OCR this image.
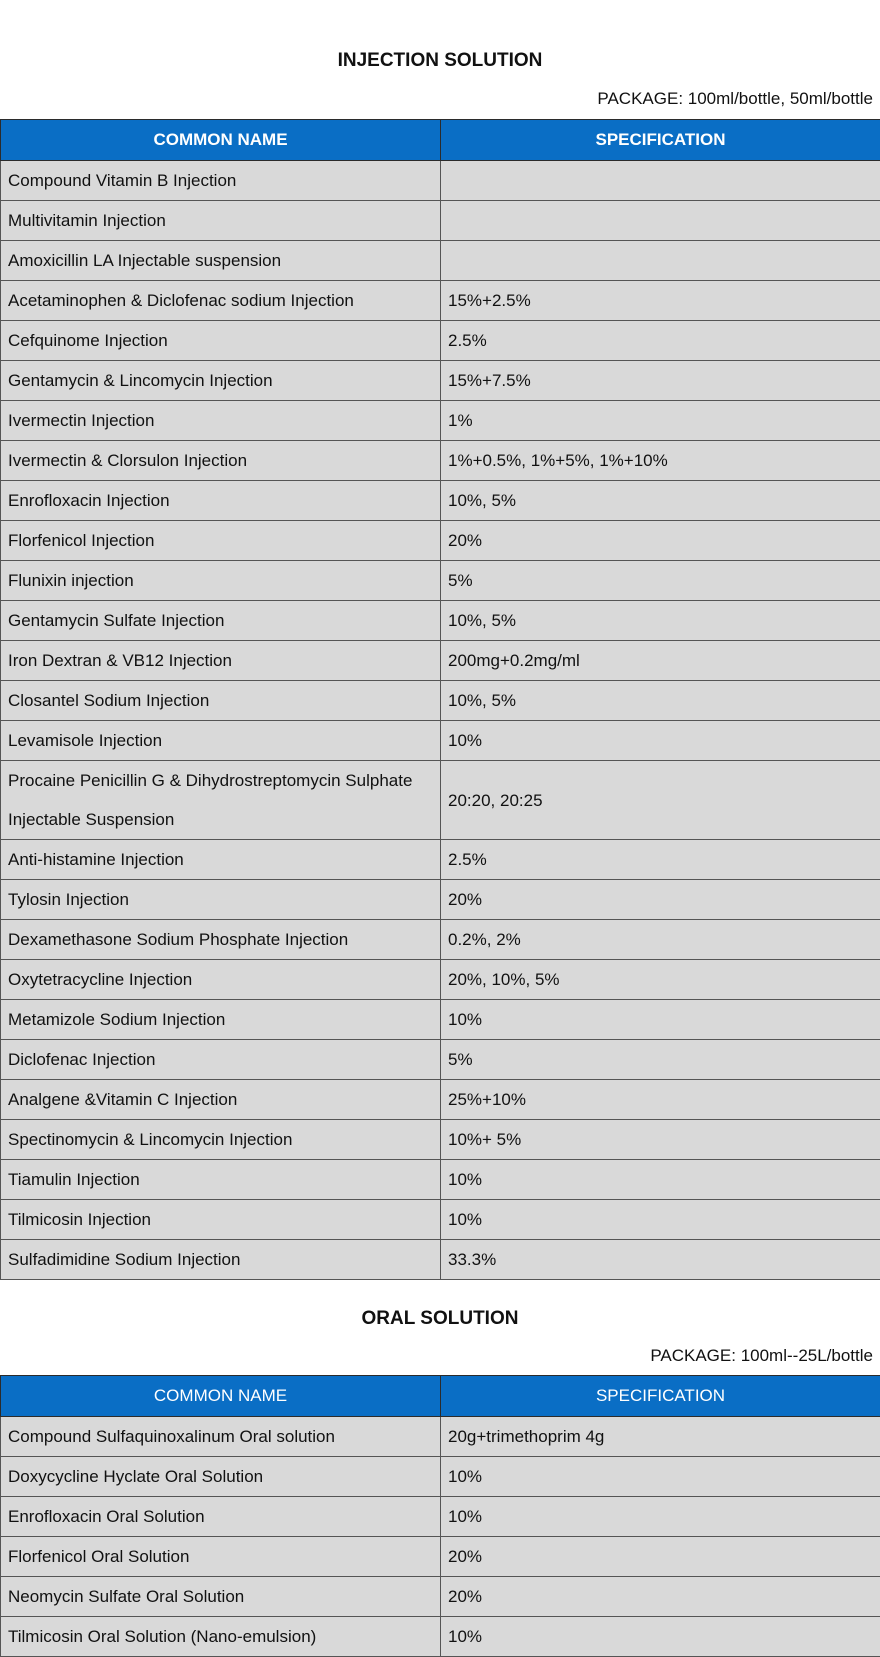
INJECTION SOLUTION

PACKAGE: 100ml/bottle, 50ml/bottle

COMMON NAME	SPECIFICATION
Compound Vitamin B Injection	
Multivitamin Injection	
Amoxicillin LA Injectable suspension	
Acetaminophen & Diclofenac sodium Injection	15%+2.5%
Cefquinome Injection	2.5%
Gentamycin & Lincomycin Injection	15%+7.5%
Ivermectin Injection	1%
Ivermectin & Clorsulon Injection	1%+0.5%, 1%+5%, 1%+10%
Enrofloxacin Injection	10%, 5%
Florfenicol Injection	20%
Flunixin injection	5%
Gentamycin Sulfate Injection	10%, 5%
Iron Dextran & VB12 Injection	200mg+0.2mg/ml
Closantel Sodium Injection	10%, 5%
Levamisole Injection	10%
Procaine Penicillin G & Dihydrostreptomycin Sulphate Injectable Suspension	20:20, 20:25
Anti-histamine Injection	2.5%
Tylosin Injection	20%
Dexamethasone Sodium Phosphate Injection	0.2%, 2%
Oxytetracycline Injection	20%, 10%, 5%
Metamizole Sodium Injection	10%
Diclofenac Injection	5%
Analgene &Vitamin C Injection	25%+10%
Spectinomycin & Lincomycin Injection	10%+ 5%
Tiamulin Injection	10%
Tilmicosin Injection	10%
Sulfadimidine Sodium Injection	33.3%
ORAL SOLUTION

PACKAGE: 100ml--25L/bottle

COMMON NAME	SPECIFICATION
Compound Sulfaquinoxalinum Oral solution	20g+trimethoprim 4g
Doxycycline Hyclate Oral Solution	10%
Enrofloxacin Oral Solution	10%
Florfenicol Oral Solution	20%
Neomycin Sulfate Oral Solution	20%
Tilmicosin Oral Solution (Nano-emulsion)	10%
